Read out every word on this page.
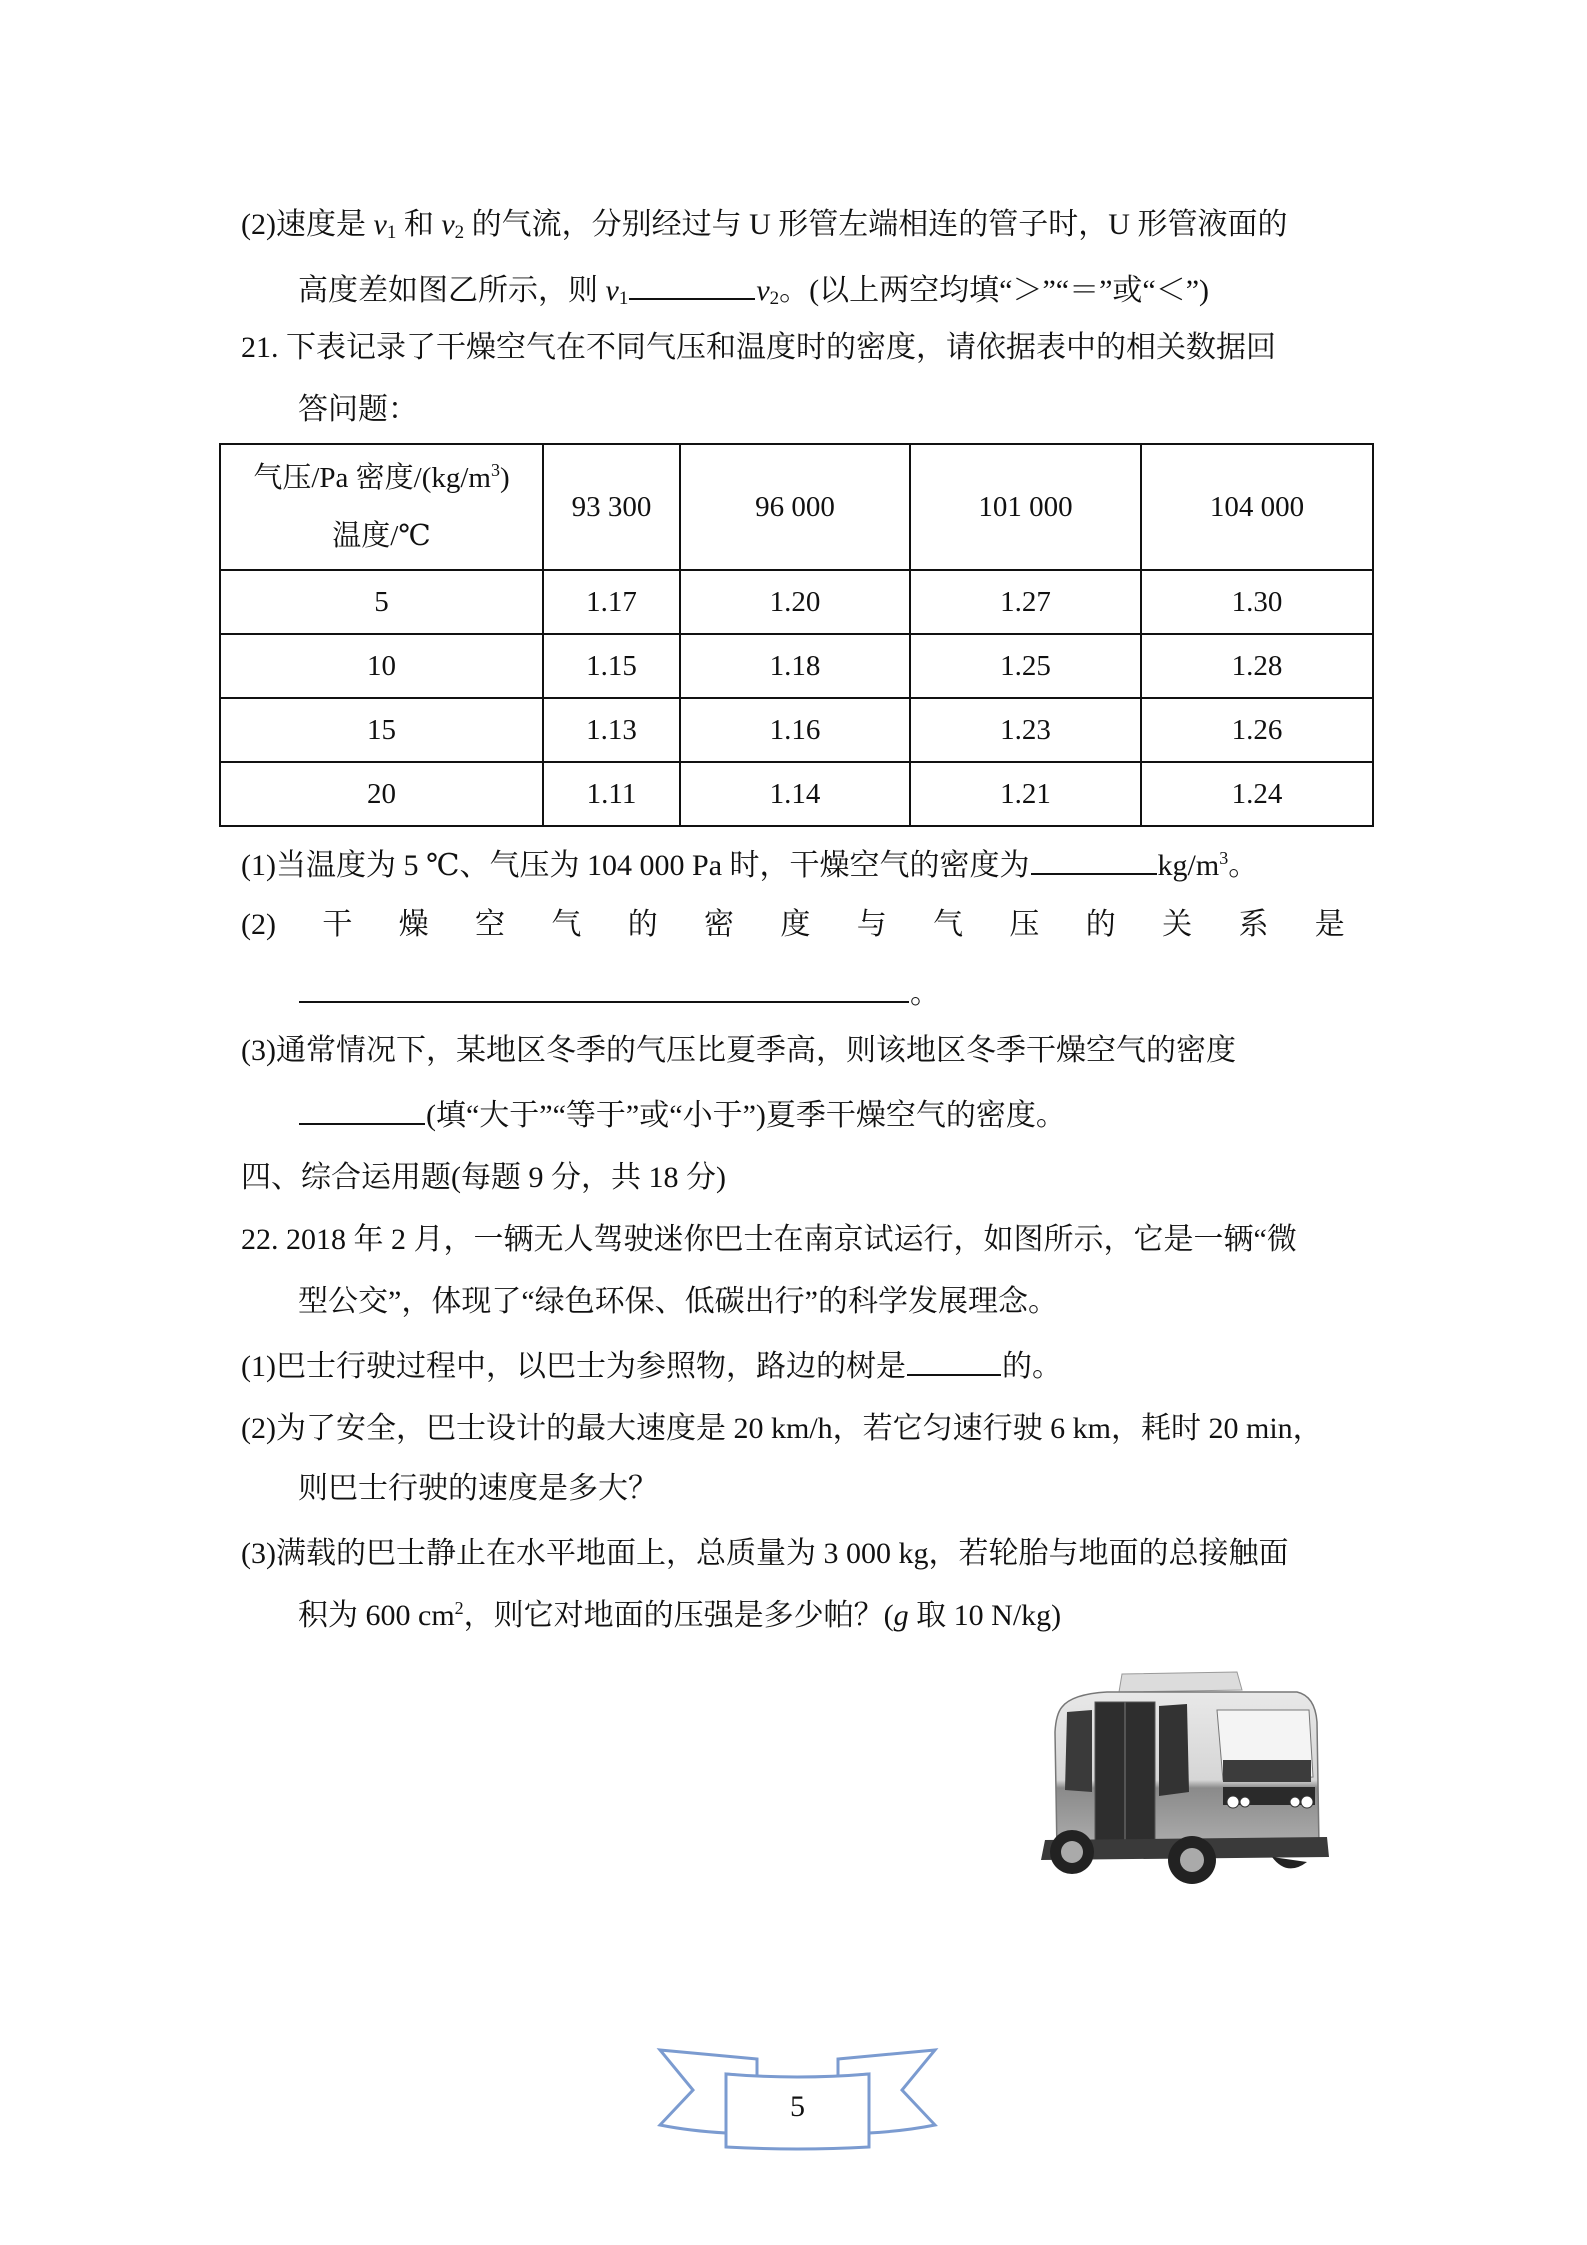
(2)速度是 $v_1$ 和 $v_2$ 的气流，分别经过与 U 形管左端相连的管子时，U 形管液面的
高度差如图乙所示，则 $v_1$	$v_2$。(以上两空均填“＞”“＝”或“＜”)
21. 下表记录了干燥空气在不同气压和温度时的密度，请依据表中的相关数据回
答问题：
气压/Pa 密度$/(kg/m^3)$
温度/℃	93 300	96 000	101 000	104 000
5	1.17	1.20	1.27	1.30
10	1.15	1.18	1.25	1.28
15	1.13	1.16	1.23	1.26
20	1.11	1.14	1.21	1.24
(1)当温度为 5 ℃、气压为 104 000 Pa 时，干燥空气的密度为	$kg/m^3$。
(2) 干 燥 空 气 的 密 度 与 气 压 的 关 系 是
。
(3)通常情况下，某地区冬季的气压比夏季高，则该地区冬季干燥空气的密度
(填“大于”“等于”或“小于”)夏季干燥空气的密度。
四、综合运用题(每题 9 分，共 18 分)
22. 2018 年 2 月，一辆无人驾驶迷你巴士在南京试运行，如图所示，它是一辆“微
型公交”，体现了“绿色环保、低碳出行”的科学发展理念。
(1)巴士行驶过程中，以巴士为参照物，路边的树是	的。
(2)为了安全，巴士设计的最大速度是 20 km/h，若它匀速行驶 6 km，耗时 20 min，
则巴士行驶的速度是多大？
(3)满载的巴士静止在水平地面上，总质量为 3 000 kg，若轮胎与地面的总接触面
积为 600 $cm^2$，则它对地面的压强是多少帕？(g 取 10 N/kg)
5
